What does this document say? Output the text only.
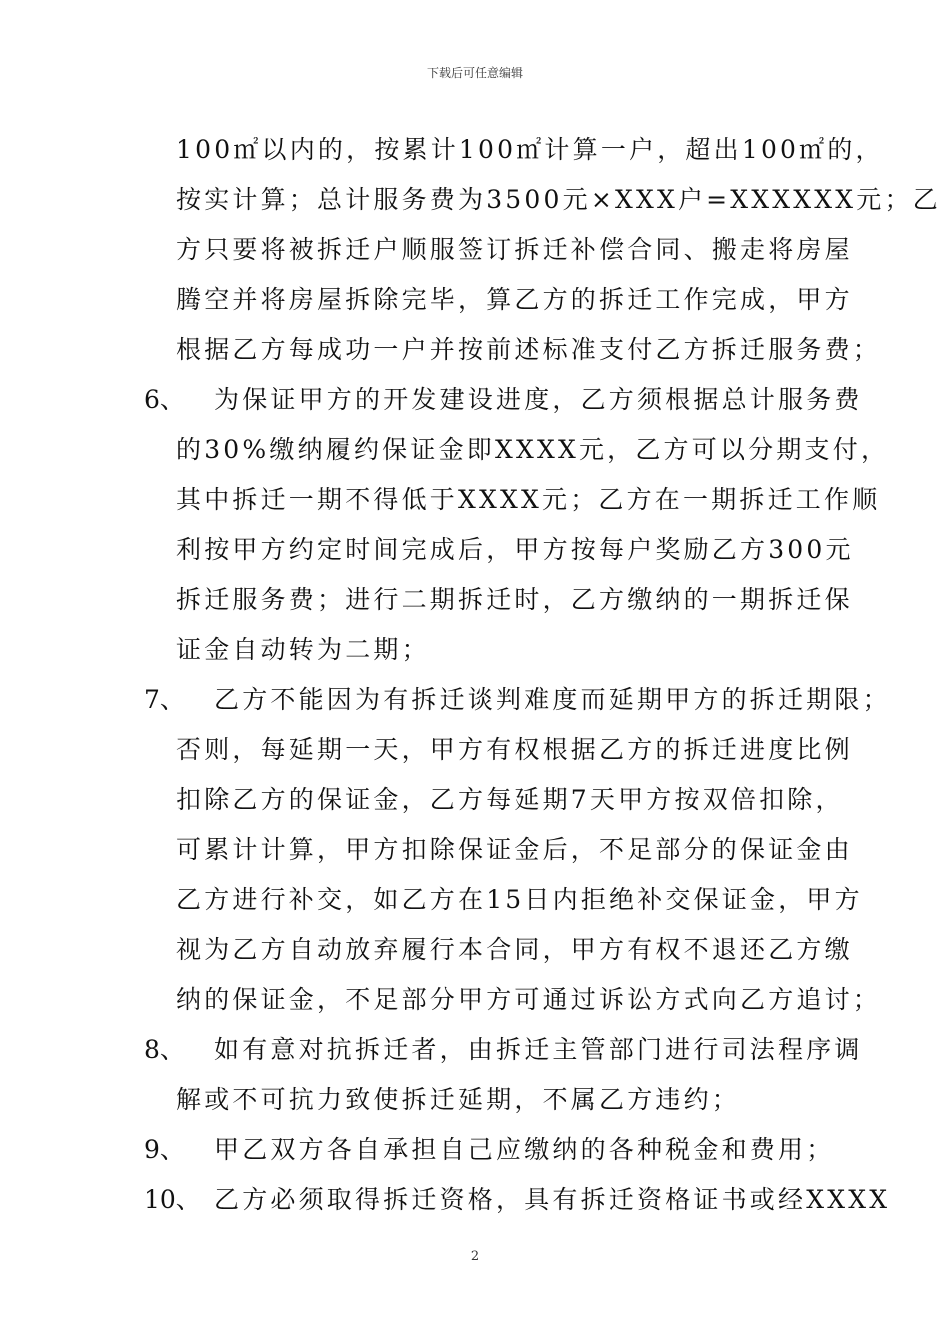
下载后可任意编辑
100㎡以内的，按累计100㎡计算一户，超出100㎡的，
按实计算；总计服务费为3500元×XXX户=XXXXXX元；乙
方只要将被拆迁户顺服签订拆迁补偿合同、搬走将房屋
腾空并将房屋拆除完毕，算乙方的拆迁工作完成，甲方
根据乙方每成功一户并按前述标准支付乙方拆迁服务费；
6、 为保证甲方的开发建设进度，乙方须根据总计服务费
的30%缴纳履约保证金即XXXX元，乙方可以分期支付，
其中拆迁一期不得低于XXXX元；乙方在一期拆迁工作顺
利按甲方约定时间完成后，甲方按每户奖励乙方300元
拆迁服务费；进行二期拆迁时，乙方缴纳的一期拆迁保
证金自动转为二期；
7、 乙方不能因为有拆迁谈判难度而延期甲方的拆迁期限；
否则，每延期一天，甲方有权根据乙方的拆迁进度比例
扣除乙方的保证金，乙方每延期7天甲方按双倍扣除，
可累计计算，甲方扣除保证金后，不足部分的保证金由
乙方进行补交，如乙方在15日内拒绝补交保证金，甲方
视为乙方自动放弃履行本合同，甲方有权不退还乙方缴
纳的保证金，不足部分甲方可通过诉讼方式向乙方追讨；
8、 如有意对抗拆迁者，由拆迁主管部门进行司法程序调
解或不可抗力致使拆迁延期，不属乙方违约；
9、 甲乙双方各自承担自己应缴纳的各种税金和费用；
10、 乙方必须取得拆迁资格，具有拆迁资格证书或经XXXX
2
